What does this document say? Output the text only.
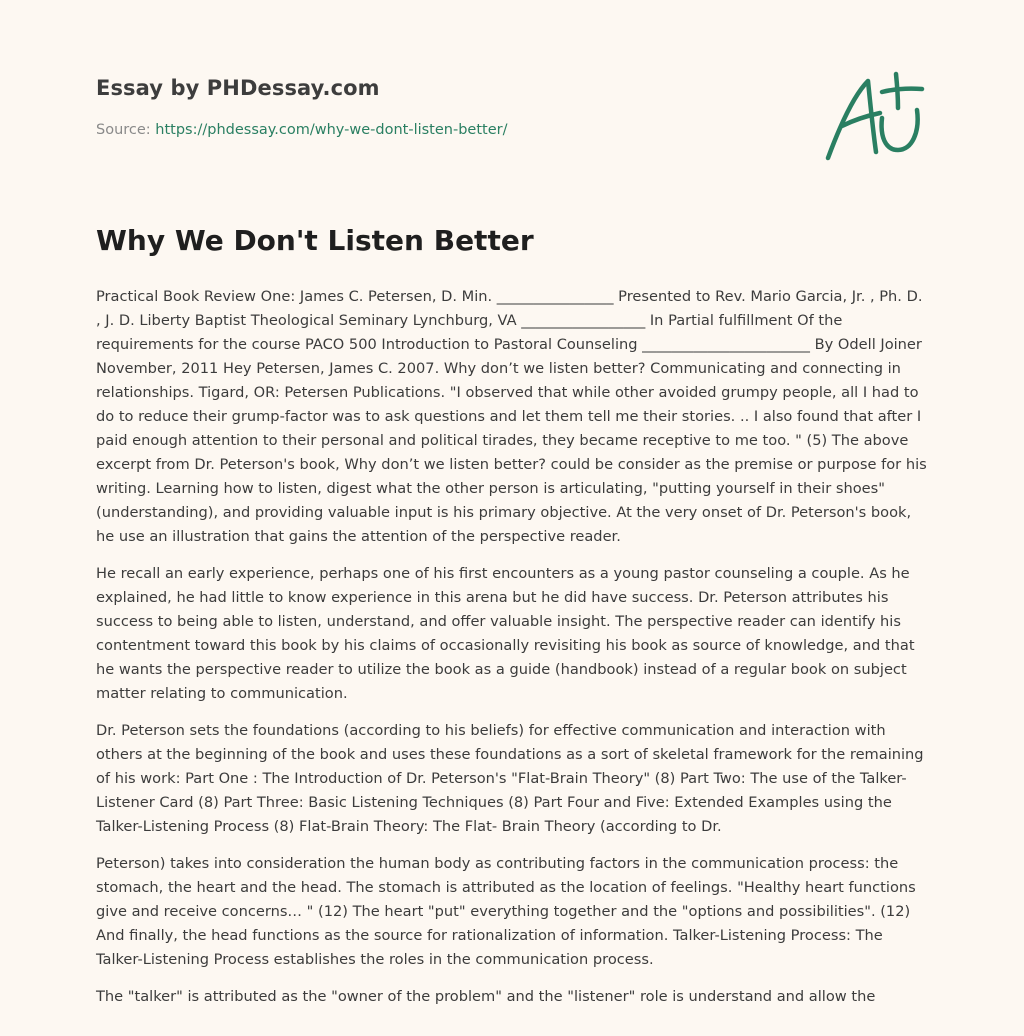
Essay by PHDessay.com
Source: https://phdessay.com/why-we-dont-listen-better/
Why We Don't Listen Better

Practical Book Review One: James C. Petersen, D. Min. ________________ Presented to Rev. Mario Garcia, Jr. , Ph. D. , J. D. Liberty Baptist Theological Seminary Lynchburg, VA _________________ In Partial fulfillment Of the requirements for the course PACO 500 Introduction to Pastoral Counseling _______________________ By Odell Joiner November, 2011 Hey Petersen, James C. 2007. Why don’t we listen better? Communicating and connecting in relationships. Tigard, OR: Petersen Publications. "I observed that while other avoided grumpy people, all I had to do to reduce their grump-factor was to ask questions and let them tell me their stories. .. I also found that after I paid enough attention to their personal and political tirades, they became receptive to me too. " (5) The above excerpt from Dr. Peterson's book, Why don’t we listen better? could be consider as the premise or purpose for his writing. Learning how to listen, digest what the other person is articulating, "putting yourself in their shoes" (understanding), and providing valuable input is his primary objective. At the very onset of Dr. Peterson's book, he use an illustration that gains the attention of the perspective reader.

He recall an early experience, perhaps one of his first encounters as a young pastor counseling a couple. As he explained, he had little to know experience in this arena but he did have success. Dr. Peterson attributes his success to being able to listen, understand, and offer valuable insight. The perspective reader can identify his contentment toward this book by his claims of occasionally revisiting his book as source of knowledge, and that he wants the perspective reader to utilize the book as a guide (handbook) instead of a regular book on subject matter relating to communication.

Dr. Peterson sets the foundations (according to his beliefs) for effective communication and interaction with others at the beginning of the book and uses these foundations as a sort of skeletal framework for the remaining of his work: Part One : The Introduction of Dr. Peterson's "Flat-Brain Theory" (8) Part Two: The use of the Talker-Listener Card (8) Part Three: Basic Listening Techniques (8) Part Four and Five: Extended Examples using the Talker-Listening Process (8) Flat-Brain Theory: The Flat- Brain Theory (according to Dr.

Peterson) takes into consideration the human body as contributing factors in the communication process: the stomach, the heart and the head. The stomach is attributed as the location of feelings. "Healthy heart functions give and receive concerns… " (12) The heart "put" everything together and the "options and possibilities". (12) And finally, the head functions as the source for rationalization of information. Talker-Listening Process: The Talker-Listening Process establishes the roles in the communication process.

The "talker" is attributed as the "owner of the problem" and the "listener" role is understand and allow the
